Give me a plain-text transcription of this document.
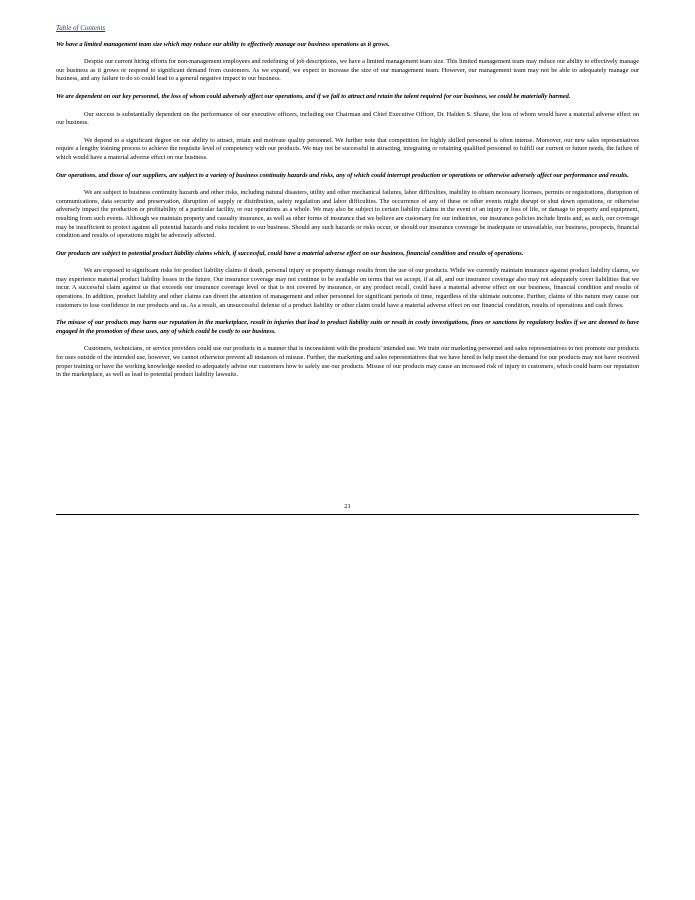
Table of Contents

We have a limited management team size which may reduce our ability to effectively manage our business operations as it grows.

Despite our current hiring efforts for non-management employees and redefining of job descriptions, we have a limited management team size. This limited management team may reduce our ability to effectively manage our business as it grows or respond to significant demand from customers. As we expand, we expect to increase the size of our management team. However, our management team may not be able to adequately manage our business, and any failure to do so could lead to a general negative impact to our business.

We are dependent on our key personnel, the loss of whom could adversely affect our operations, and if we fail to attract and retain the talent required for our business, we could be materially harmed.

Our success is substantially dependent on the performance of our executive officers, including our Chairman and Chief Executive Officer, Dr. Halden S. Shane, the loss of whom would have a material adverse effect on our business.

We depend to a significant degree on our ability to attract, retain and motivate quality personnel. We further note that competition for highly skilled personnel is often intense. Moreover, our new sales representatives require a lengthy training process to achieve the requisite level of competency with our products. We may not be successful in attracting, integrating or retaining qualified personnel to fulfill our current or future needs, the failure of which would have a material adverse effect on our business.

Our operations, and those of our suppliers, are subject to a variety of business continuity hazards and risks, any of which could interrupt production or operations or otherwise adversely affect our performance and results.

We are subject to business continuity hazards and other risks, including natural disasters, utility and other mechanical failures, labor difficulties, inability to obtain necessary licenses, permits or registrations, disruption of communications, data security and preservation, disruption of supply or distribution, safety regulation and labor difficulties. The occurrence of any of these or other events might disrupt or shut down operations, or otherwise adversely impact the production or profitability of a particular facility, or our operations as a whole. We may also be subject to certain liability claims in the event of an injury or loss of life, or damage to property and equipment, resulting from such events. Although we maintain property and casualty insurance, as well as other forms of insurance that we believe are customary for our industries, our insurance policies include limits and, as such, our coverage may be insufficient to protect against all potential hazards and risks incident to our business. Should any such hazards or risks occur, or should our insurance coverage be inadequate or unavailable, our business, prospects, financial condition and results of operations might be adversely affected.

Our products are subject to potential product liability claims which, if successful, could have a material adverse effect on our business, financial condition and results of operations.

We are exposed to significant risks for product liability claims if death, personal injury or property damage results from the use of our products. While we currently maintain insurance against product liability claims, we may experience material product liability losses in the future. Our insurance coverage may not continue to be available on terms that we accept, if at all, and our insurance coverage also may not adequately cover liabilities that we incur. A successful claim against us that exceeds our insurance coverage level or that is not covered by insurance, or any product recall, could have a material adverse effect on our business, financial condition and results of operations. In addition, product liability and other claims can divert the attention of management and other personnel for significant periods of time, regardless of the ultimate outcome. Further, claims of this nature may cause our customers to lose confidence in our products and us. As a result, an unsuccessful defense of a product liability or other claim could have a material adverse effect on our financial condition, results of operations and cash flows.

The misuse of our products may harm our reputation in the marketplace, result in injuries that lead to product liability suits or result in costly investigations, fines or sanctions by regulatory bodies if we are deemed to have engaged in the promotion of these uses, any of which could be costly to our business.

Customers, technicians, or service providers could use our products in a manner that is inconsistent with the products' intended use. We train our marketing personnel and sales representatives to not promote our products for uses outside of the intended use, however, we cannot otherwise prevent all instances of misuse. Further, the marketing and sales representatives that we have hired to help meet the demand for our products may not have received proper training or have the working knowledge needed to adequately advise our customers how to safely use our products. Misuse of our products may cause an increased risk of injury to customers, which could harm our reputation in the marketplace, as well as lead to potential product liability lawsuits.

21
